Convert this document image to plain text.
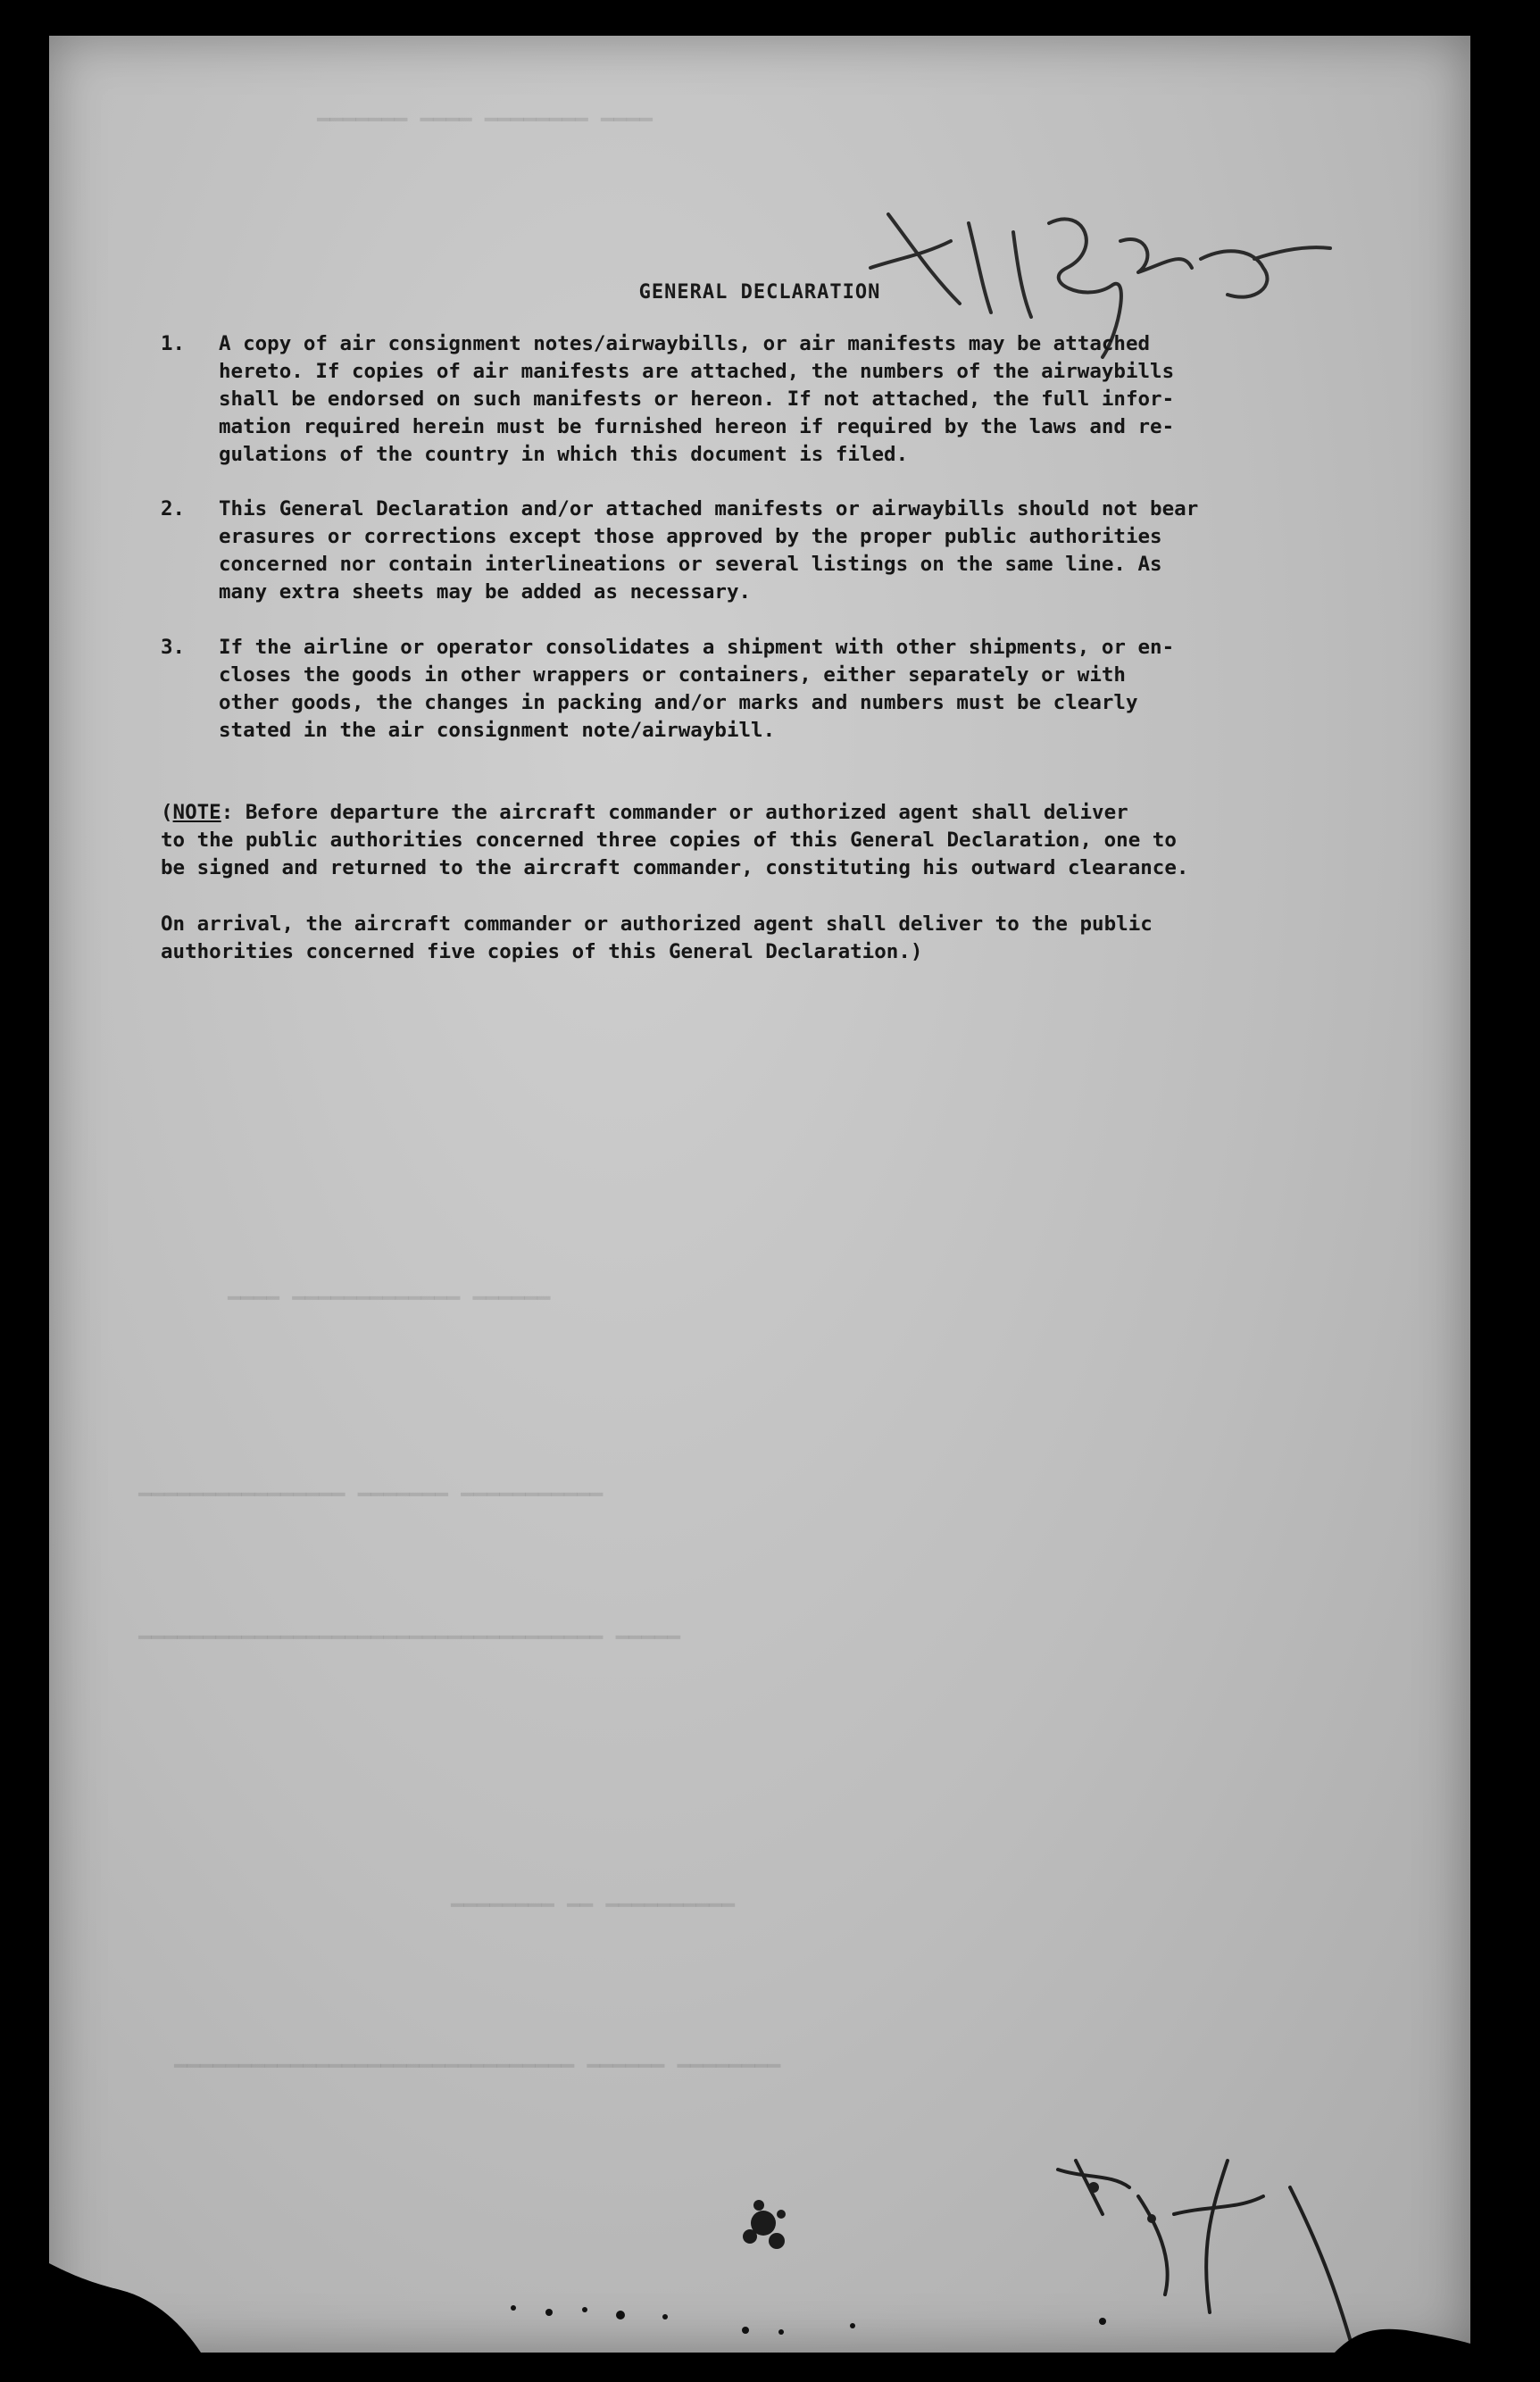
━━━━ ━━━━━━━━ ━━━━ ━━━━━━━
━━━━━━ ━━━━━━━━━━━━━ ━━━━
━━━━━━━━━━━ ━━━━━━━ ━━━━━━━━━━━━━━━━
━━━━━ ━━━━━━━━━━━━━━━━━━━━━━━━━━━━━━━━━━━━
━━━━━━━━━━ ━━ ━━━━━━━━
━━━━━━━━ ━━━━━━ ━━━━━━━━━━━━━━━━━━━━━━━━━━━━━━━
GENERAL DECLARATION
1. A copy of air consignment notes/airwaybills, or air manifests may be attached
hereto. If copies of air manifests are attached, the numbers of the airwaybills
shall be endorsed on such manifests or hereon. If not attached, the full infor-
mation required herein must be furnished hereon if required by the laws and re-
gulations of the country in which this document is filed.
2. This General Declaration and/or attached manifests or airwaybills should not bear
erasures or corrections except those approved by the proper public authorities
concerned nor contain interlineations or several listings on the same line. As
many extra sheets may be added as necessary.
3. If the airline or operator consolidates a shipment with other shipments, or en-
closes the goods in other wrappers or containers, either separately or with
other goods, the changes in packing and/or marks and numbers must be clearly
stated in the air consignment note/airwaybill.
(NOTE: Before departure the aircraft commander or authorized agent shall deliver
to the public authorities concerned three copies of this General Declaration, one to
be signed and returned to the aircraft commander, constituting his outward clearance.
On arrival, the aircraft commander or authorized agent shall deliver to the public
authorities concerned five copies of this General Declaration.)
